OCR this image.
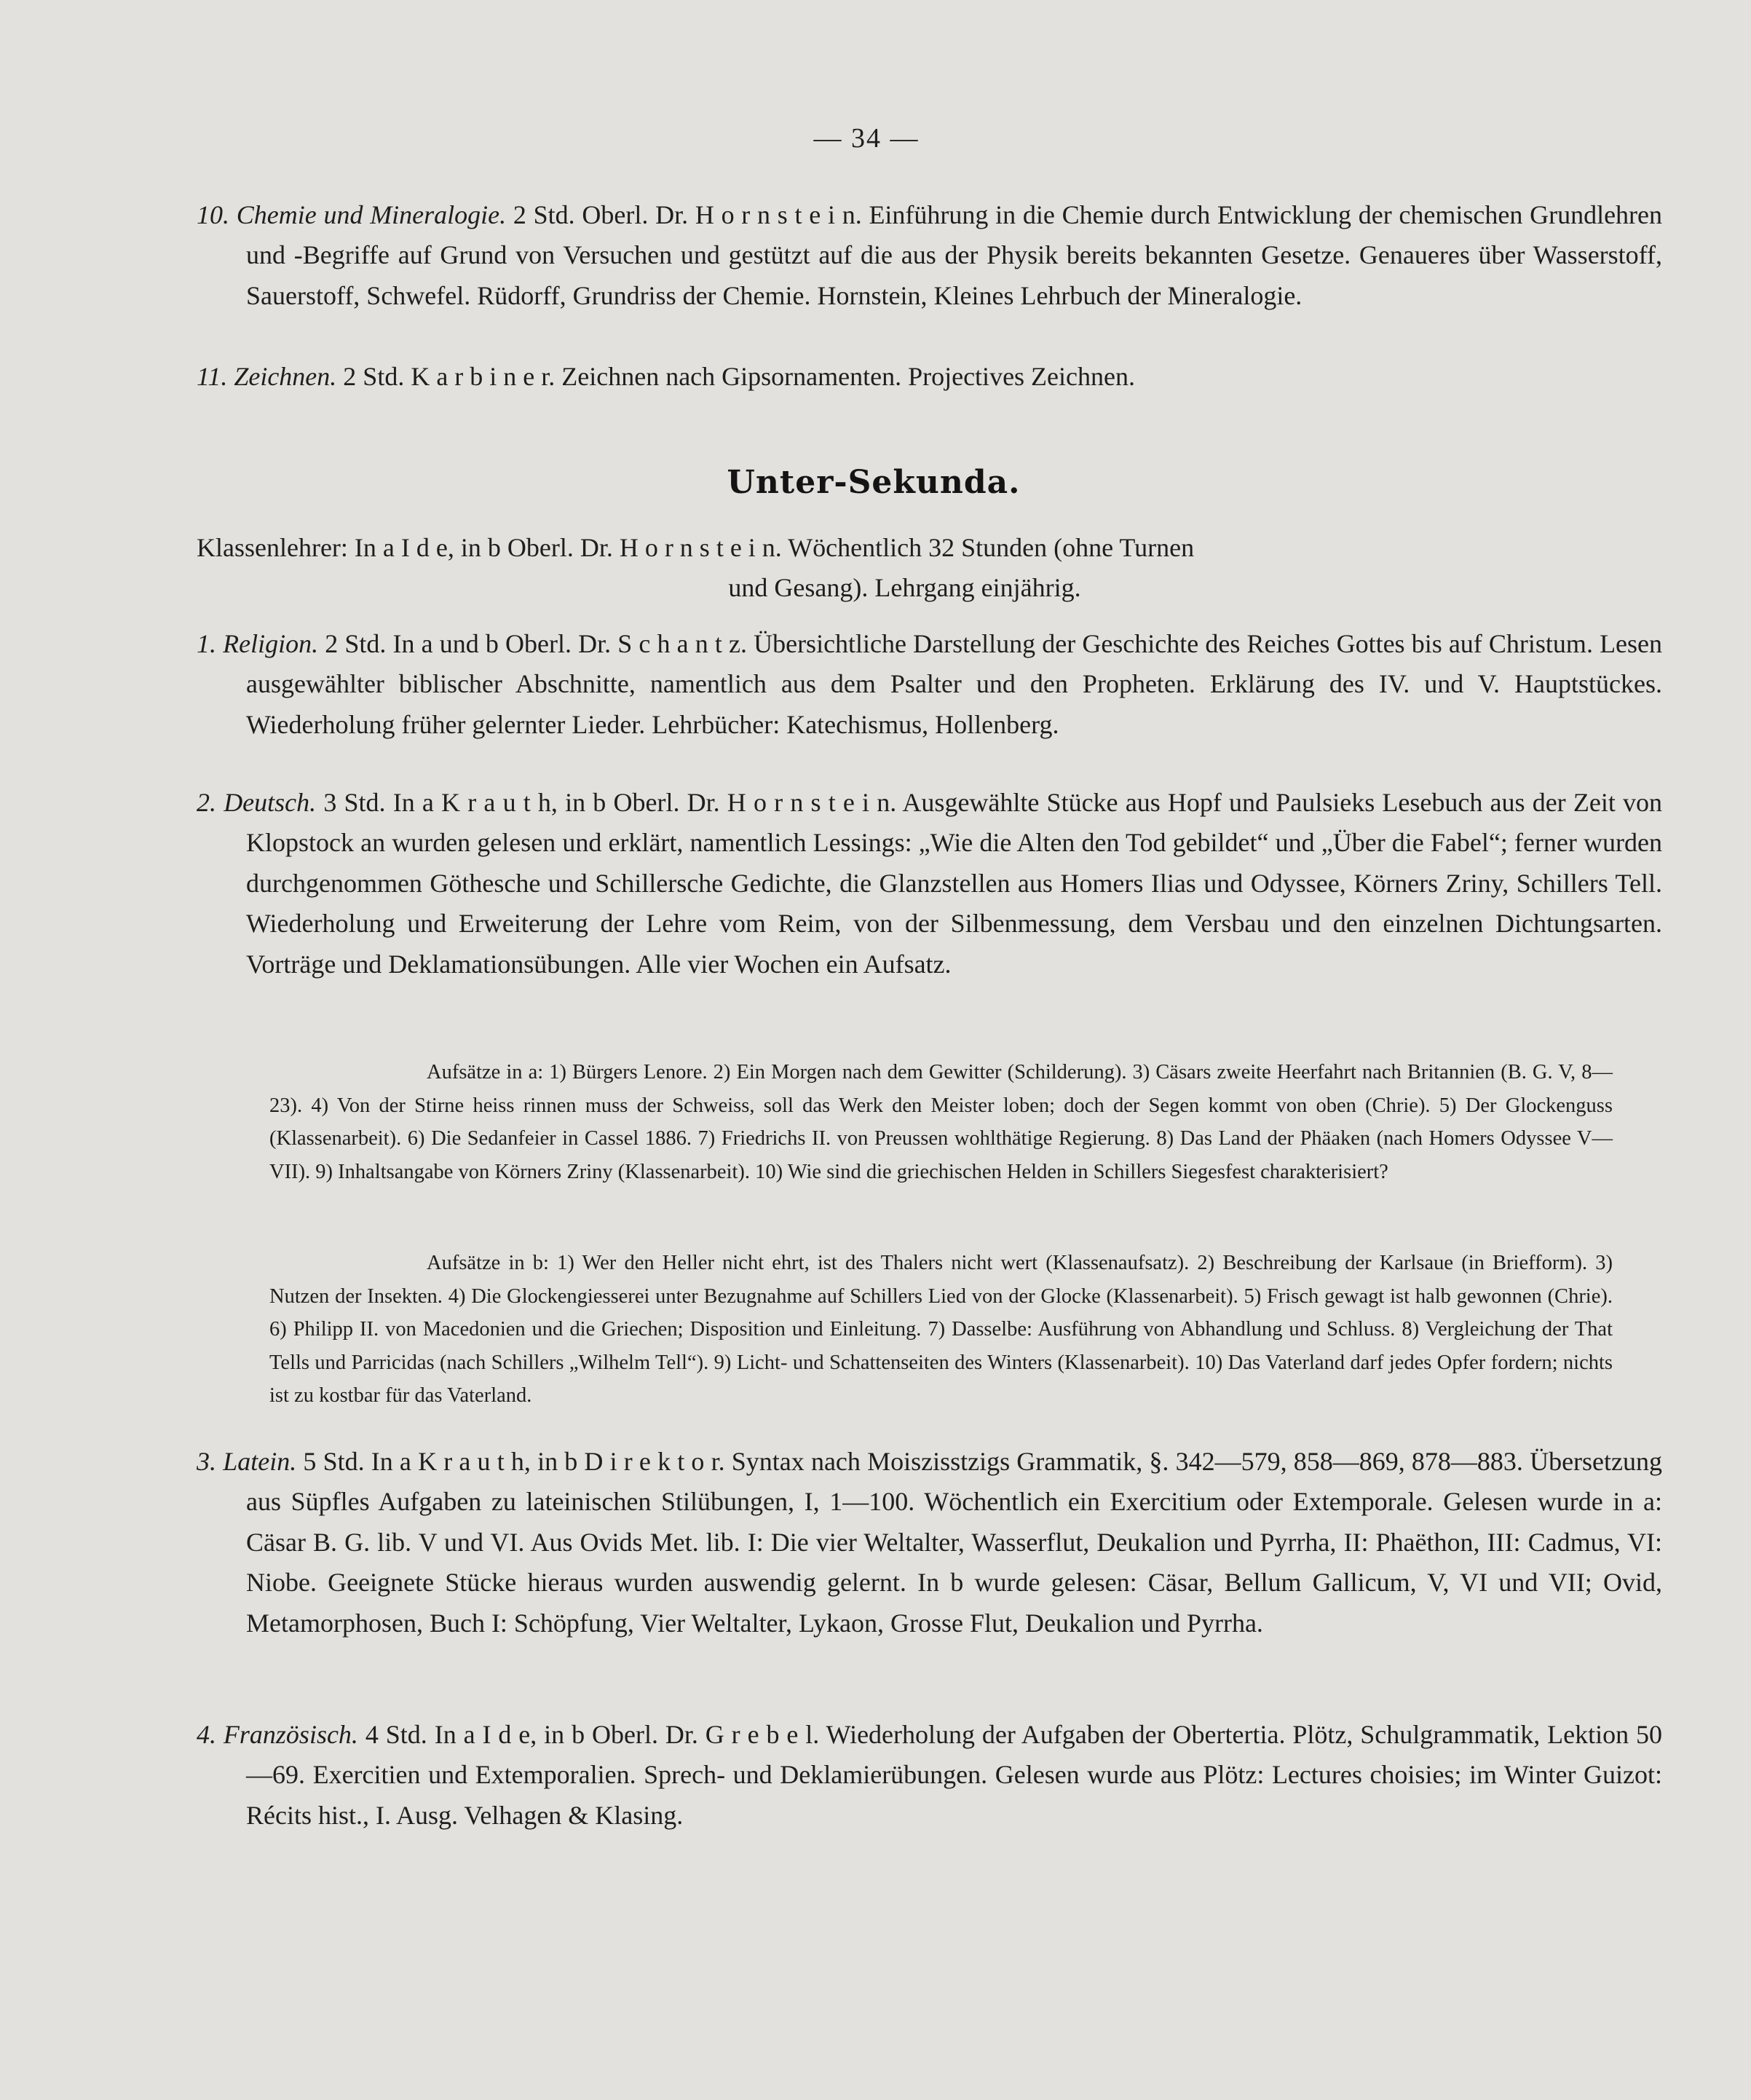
— 34 —

10. Chemie und Mineralogie. 2 Std. Oberl. Dr. H o r n s t e i n. Einführung in die Chemie durch Entwicklung der chemischen Grundlehren und -Begriffe auf Grund von Versuchen und gestützt auf die aus der Physik bereits bekannten Gesetze. Genaueres über Wasserstoff, Sauerstoff, Schwefel. Rüdorff, Grundriss der Chemie. Hornstein, Kleines Lehrbuch der Mineralogie.

11. Zeichnen. 2 Std. K a r b i n e r. Zeichnen nach Gipsornamenten. Projectives Zeichnen.

Unter-Sekunda.

Klassenlehrer: In a I d e, in b Oberl. Dr. H o r n s t e i n. Wöchentlich 32 Stunden (ohne Turnen

und Gesang). Lehrgang einjährig.

1. Religion. 2 Std. In a und b Oberl. Dr. S c h a n t z. Übersichtliche Darstellung der Geschichte des Reiches Gottes bis auf Christum. Lesen ausgewählter biblischer Abschnitte, namentlich aus dem Psalter und den Propheten. Erklärung des IV. und V. Hauptstückes. Wiederholung früher gelernter Lieder. Lehrbücher: Katechismus, Hollenberg.

2. Deutsch. 3 Std. In a K r a u t h, in b Oberl. Dr. H o r n s t e i n. Ausgewählte Stücke aus Hopf und Paulsieks Lesebuch aus der Zeit von Klopstock an wurden gelesen und erklärt, namentlich Lessings: „Wie die Alten den Tod gebildet“ und „Über die Fabel“; ferner wurden durchgenommen Göthesche und Schillersche Gedichte, die Glanzstellen aus Homers Ilias und Odyssee, Körners Zriny, Schillers Tell. Wiederholung und Erweiterung der Lehre vom Reim, von der Silbenmessung, dem Versbau und den einzelnen Dichtungsarten. Vorträge und Deklamationsübungen. Alle vier Wochen ein Aufsatz.

Aufsätze in a: 1) Bürgers Lenore. 2) Ein Morgen nach dem Gewitter (Schilderung). 3) Cäsars zweite Heerfahrt nach Britannien (B. G. V, 8—23). 4) Von der Stirne heiss rinnen muss der Schweiss, soll das Werk den Meister loben; doch der Segen kommt von oben (Chrie). 5) Der Glockenguss (Klassenarbeit). 6) Die Sedanfeier in Cassel 1886. 7) Friedrichs II. von Preussen wohlthätige Regierung. 8) Das Land der Phäaken (nach Homers Odyssee V—VII). 9) Inhaltsangabe von Körners Zriny (Klassenarbeit). 10) Wie sind die griechischen Helden in Schillers Siegesfest charakterisiert?

Aufsätze in b: 1) Wer den Heller nicht ehrt, ist des Thalers nicht wert (Klassenaufsatz). 2) Beschreibung der Karlsaue (in Briefform). 3) Nutzen der Insekten. 4) Die Glockengiesserei unter Bezugnahme auf Schillers Lied von der Glocke (Klassenarbeit). 5) Frisch gewagt ist halb gewonnen (Chrie). 6) Philipp II. von Macedonien und die Griechen; Disposition und Einleitung. 7) Dasselbe: Ausführung von Abhandlung und Schluss. 8) Vergleichung der That Tells und Parricidas (nach Schillers „Wilhelm Tell“). 9) Licht- und Schattenseiten des Winters (Klassenarbeit). 10) Das Vaterland darf jedes Opfer fordern; nichts ist zu kostbar für das Vaterland.

3. Latein. 5 Std. In a K r a u t h, in b D i r e k t o r. Syntax nach Moiszisstzigs Grammatik, §. 342—579, 858—869, 878—883. Übersetzung aus Süpfles Aufgaben zu lateinischen Stilübungen, I, 1—100. Wöchentlich ein Exercitium oder Extemporale. Gelesen wurde in a: Cäsar B. G. lib. V und VI. Aus Ovids Met. lib. I: Die vier Weltalter, Wasserflut, Deukalion und Pyrrha, II: Phaëthon, III: Cadmus, VI: Niobe. Geeignete Stücke hieraus wurden auswendig gelernt. In b wurde gelesen: Cäsar, Bellum Gallicum, V, VI und VII; Ovid, Metamorphosen, Buch I: Schöpfung, Vier Weltalter, Lykaon, Grosse Flut, Deukalion und Pyrrha.

4. Französisch. 4 Std. In a I d e, in b Oberl. Dr. G r e b e l. Wiederholung der Aufgaben der Obertertia. Plötz, Schulgrammatik, Lektion 50—69. Exercitien und Extemporalien. Sprech- und Deklamierübungen. Gelesen wurde aus Plötz: Lectures choisies; im Winter Guizot: Récits hist., I. Ausg. Velhagen & Klasing.
